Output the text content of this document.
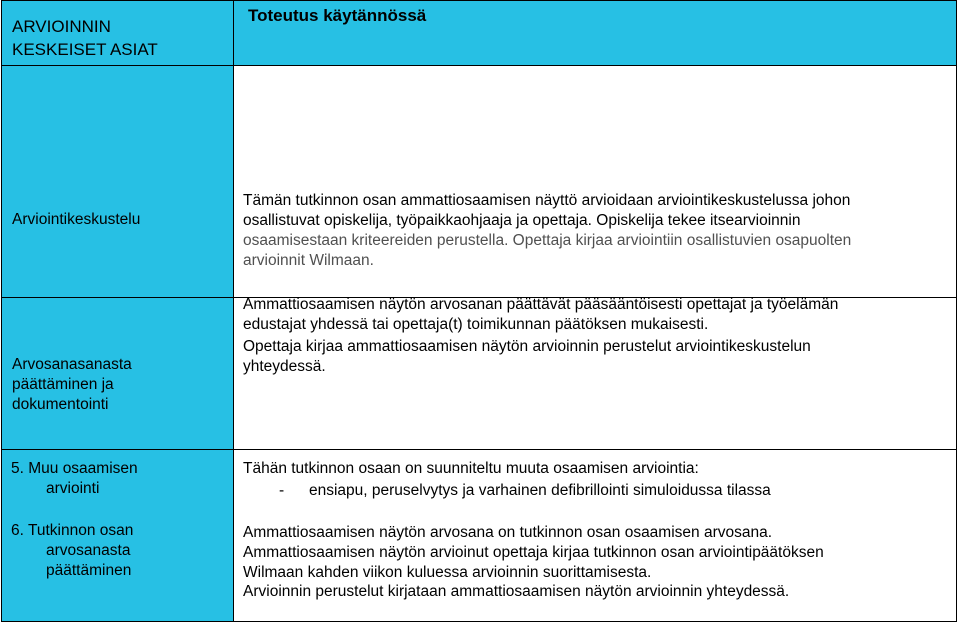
ARVIOINNIN
KESKEISET ASIAT
Toteutus käytännössä
Arviointikeskustelu
Arvosanasanasta
päättäminen ja
dokumentointi
Tämän tutkinnon osan ammattiosaamisen näyttö arvioidaan arviointikeskustelussa johon
osallistuvat opiskelija, työpaikkaohjaaja ja opettaja. Opiskelija tekee itsearvioinnin
osaamisestaan kriteereiden perustella. Opettaja kirjaa arviointiin osallistuvien osapuolten
arvioinnit Wilmaan.
Ammattiosaamisen näytön arvosanan päättävät pääsääntöisesti opettajat ja työelämän
edustajat yhdessä tai opettaja(t) toimikunnan päätöksen mukaisesti.
Opettaja kirjaa ammattiosaamisen näytön arvioinnin perustelut arviointikeskustelun
yhteydessä.
5. Muu osaamisen
arviointi
Tähän tutkinnon osaan on suunniteltu muuta osaamisen arviointia:
- ensiapu, peruselvytys ja varhainen defibrillointi simuloidussa tilassa
6. Tutkinnon osan
arvosanasta
päättäminen
Ammattiosaamisen näytön arvosana on tutkinnon osan osaamisen arvosana.
Ammattiosaamisen näytön arvioinut opettaja kirjaa tutkinnon osan arviointipäätöksen
Wilmaan kahden viikon kuluessa arvioinnin suorittamisesta.
Arvioinnin perustelut kirjataan ammattiosaamisen näytön arvioinnin yhteydessä.
